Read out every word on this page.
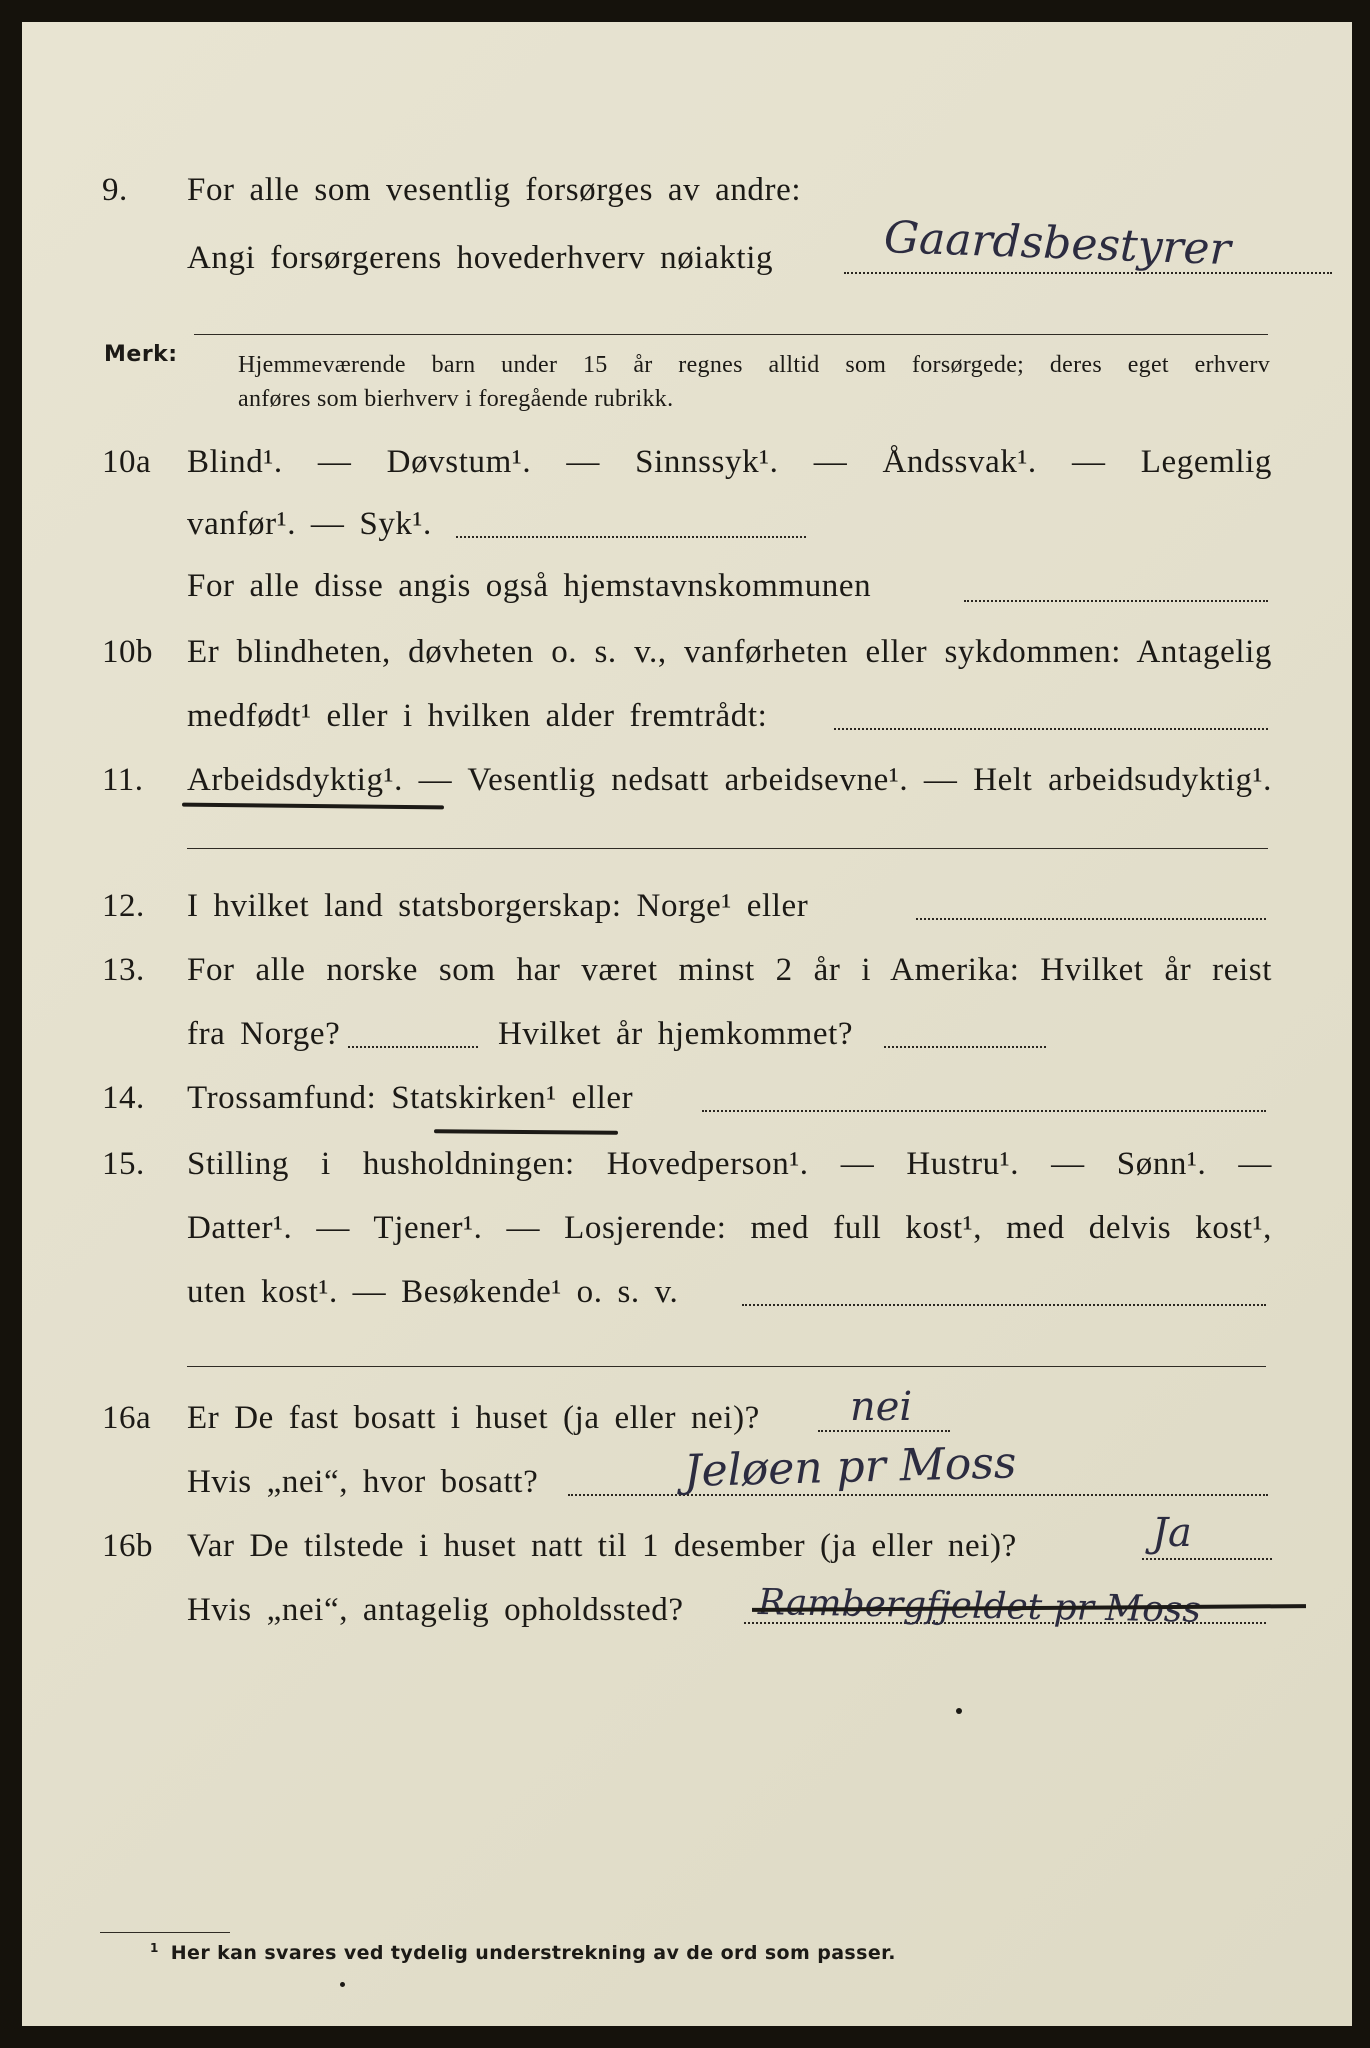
9. For alle som vesentlig forsørges av andre:
Angi forsørgerens hovederhverv nøiaktig	Gaardsbestyrer
Merk:	Hjemmeværende barn under 15 år regnes alltid som forsørgede; deres eget erhverv
anføres som bierhverv i foregående rubrikk.
10a Blind¹. — Døvstum¹. — Sinnssyk¹. — Åndssvak¹. — Legemlig
vanfør¹. — Syk¹.
For alle disse angis også hjemstavnskommunen
10b Er blindheten, døvheten o. s. v., vanførheten eller sykdommen: Antagelig
medfødt¹ eller i hvilken alder fremtrådt:
11. Arbeidsdyktig¹. — Vesentlig nedsatt arbeidsevne¹. — Helt arbeidsudyktig¹.
12. I hvilket land statsborgerskap: Norge¹ eller
13. For alle norske som har været minst 2 år i Amerika: Hvilket år reist
fra Norge?	Hvilket år hjemkommet?
14. Trossamfund: Statskirken¹ eller
15. Stilling i husholdningen: Hovedperson¹. — Hustru¹. — Sønn¹. —
Datter¹. — Tjener¹. — Losjerende: med full kost¹, med delvis kost¹,
uten kost¹. — Besøkende¹ o. s. v.
16a Er De fast bosatt i huset (ja eller nei)? nei
Hvis „nei“, hvor bosatt?	Jeløen pr Moss
16b Var De tilstede i huset natt til 1 desember (ja eller nei)?	Ja
Hvis „nei“, antagelig opholdssted? Rambergfjeldet pr Moss
$^1$ Her kan svares ved tydelig understrekning av de ord som passer.
